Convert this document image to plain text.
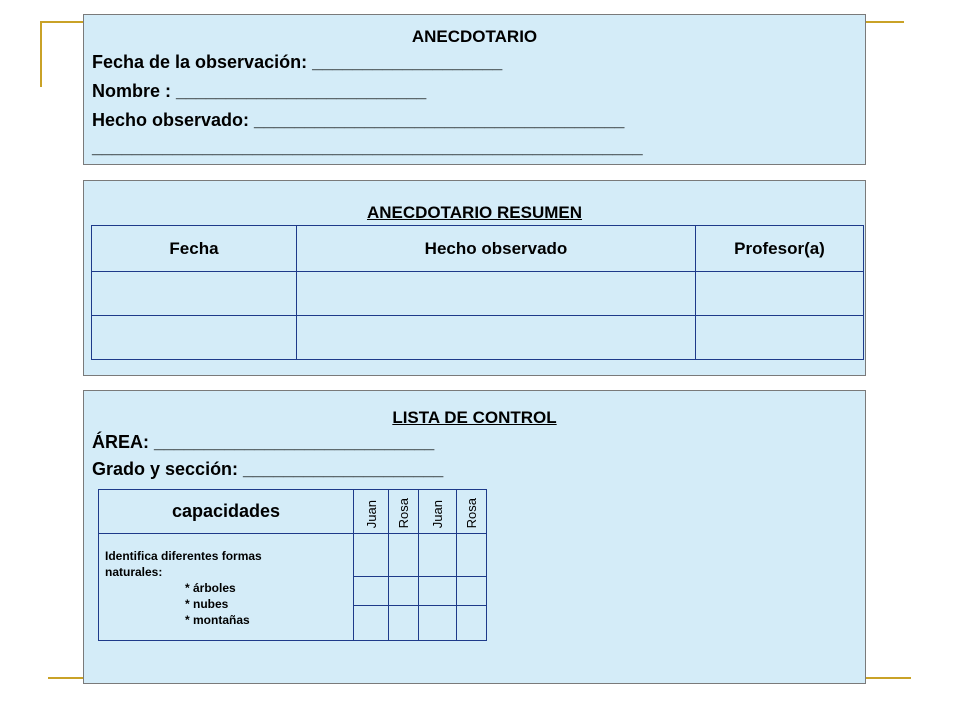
ANECDOTARIO
Fecha de la observación: ___________________
Nombre : _________________________
Hecho observado: _____________________________________
_______________________________________________________
ANECDOTARIO RESUMEN
Fecha	Hecho observado	Profesor(a)

LISTA DE CONTROL
ÁREA: ____________________________
Grado y sección: ____________________
capacidades	Juan	Rosa	Juan	Rosa

Identifica diferentes formas naturales:
* árboles
* nubes
* montañas				
